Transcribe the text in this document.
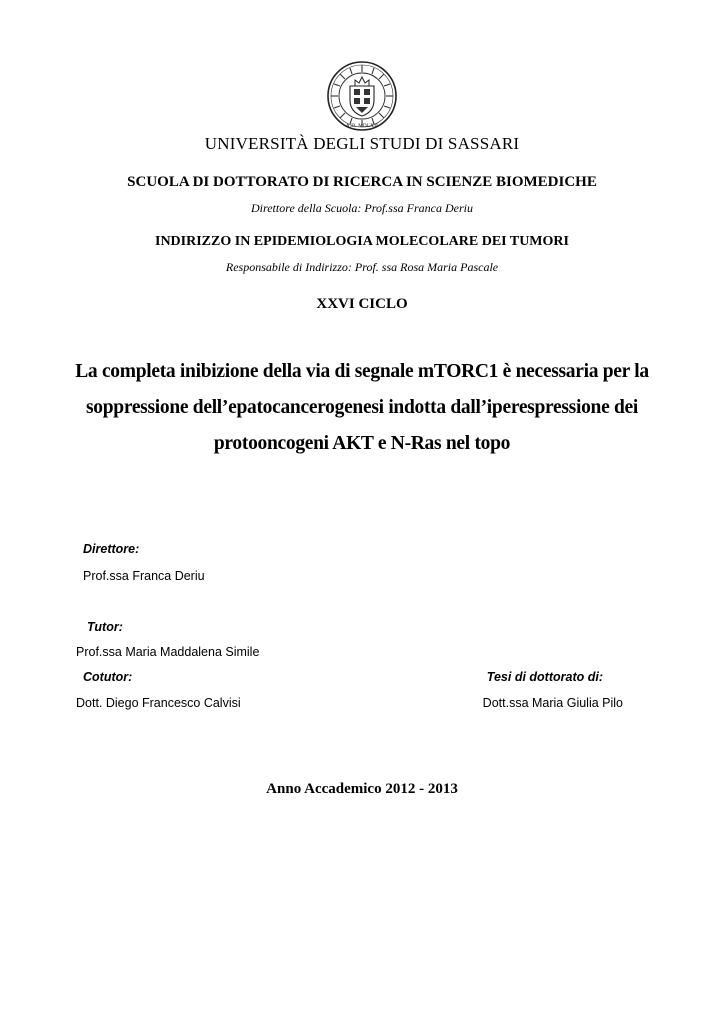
A.D. MDLXII
UNIVERSITÀ DEGLI STUDI DI SASSARI
SCUOLA DI DOTTORATO DI RICERCA IN SCIENZE BIOMEDICHE
Direttore della Scuola: Prof.ssa Franca Deriu
INDIRIZZO IN EPIDEMIOLOGIA MOLECOLARE DEI TUMORI
Responsabile di Indirizzo: Prof. ssa Rosa Maria Pascale
XXVI CICLO
La completa inibizione della via di segnale mTORC1 è necessaria per la
soppressione dell’epatocancerogenesi indotta dall’iperespressione dei
protooncogeni AKT e N-Ras nel topo
Direttore:
Prof.ssa Franca Deriu
Tutor:
Prof.ssa Maria Maddalena Simile
Cotutor:
Dott. Diego Francesco Calvisi
Tesi di dottorato di:
Dott.ssa Maria Giulia Pilo
Anno Accademico 2012 - 2013
